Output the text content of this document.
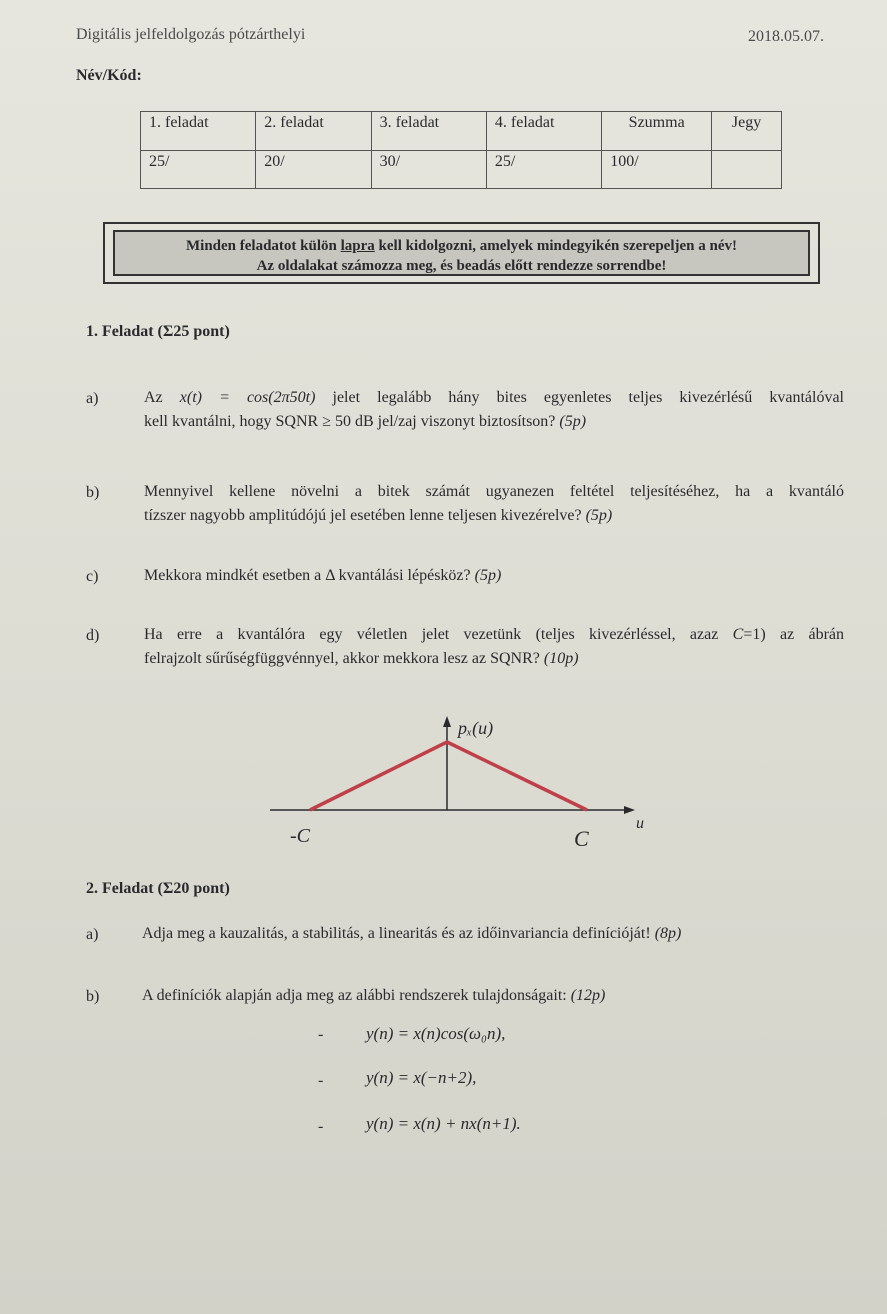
Digitális jelfeldolgozás pótzárthelyi	2018.05.07.
Név/Kód:
1. feladat	2. feladat	3. feladat	4. feladat	Szumma	Jegy
25/	20/	30/	25/	100/	
Minden feladatot külön lapra kell kidolgozni, amelyek mindegyikén szerepeljen a név!
Az oldalakat számozza meg, és beadás előtt rendezze sorrendbe!
1. Feladat (Σ25 pont)
a)	Az x(t) = cos(2π50t) jelet legalább hány bites egyenletes teljes kivezérlésű kvantálóval
kell kvantálni, hogy SQNR ≥ 50 dB jel/zaj viszonyt biztosítson? (5p)
b)	Mennyivel kellene növelni a bitek számát ugyanezen feltétel teljesítéséhez, ha a kvantáló
tízszer nagyobb amplitúdójú jel esetében lenne teljesen kivezérelve? (5p)
c)	Mekkora mindkét esetben a Δ kvantálási lépésköz? (5p)
d)	Ha erre a kvantálóra egy véletlen jelet vezetünk (teljes kivezérléssel, azaz C=1) az ábrán
felrajzolt sűrűségfüggvénnyel, akkor mekkora lesz az SQNR? (10p)
pₓ(u)
u
-C	C
2. Feladat (Σ20 pont)
a)	Adja meg a kauzalitás, a stabilitás, a linearitás és az időinvariancia definícióját! (8p)
b)	A definíciók alapján adja meg az alábbi rendszerek tulajdonságait: (12p)
-	y(n) = x(n)cos(ω₀n),
-	y(n) = x(−n+2),
-	y(n) = x(n) + nx(n+1).
